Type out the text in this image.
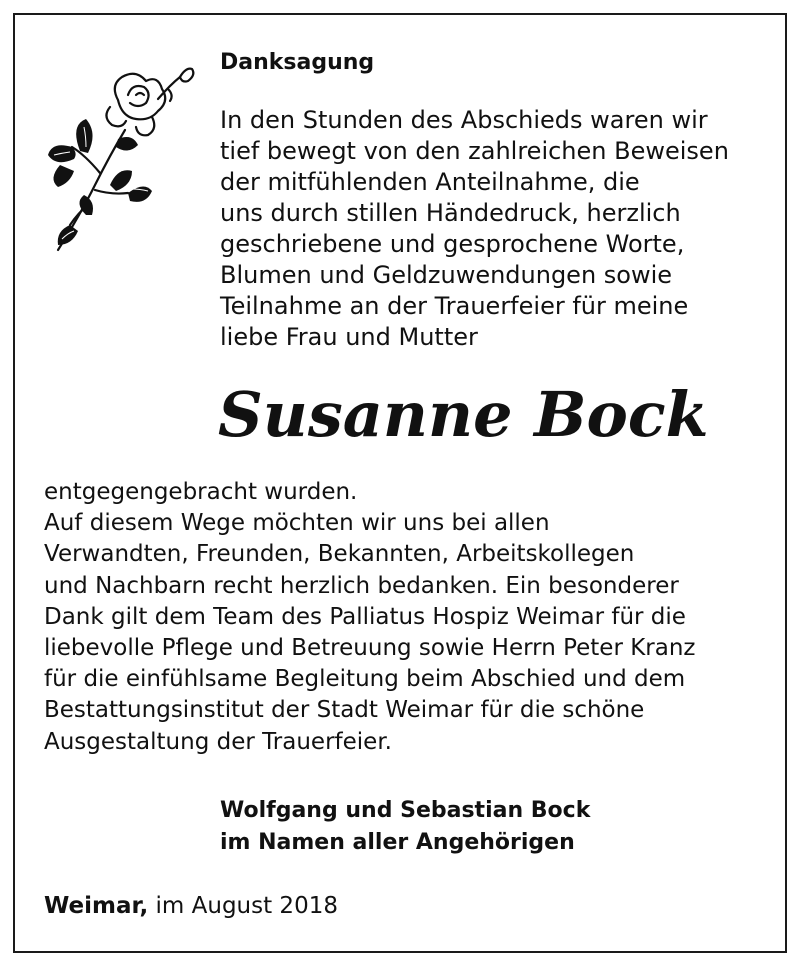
Danksagung

In den Stunden des Abschieds waren wir
tief bewegt von den zahlreichen Beweisen
der mitfühlenden Anteilnahme, die
uns durch stillen Händedruck, herzlich
geschriebene und gesprochene Worte,
Blumen und Geldzuwendungen sowie
Teilnahme an der Trauerfeier für meine
liebe Frau und Mutter

Susanne Bock

entgegengebracht wurden.
Auf diesem Wege möchten wir uns bei allen
Verwandten, Freunden, Bekannten, Arbeitskollegen
und Nachbarn recht herzlich bedanken. Ein besonderer
Dank gilt dem Team des Palliatus Hospiz Weimar für die
liebevolle Pflege und Betreuung sowie Herrn Peter Kranz
für die einfühlsame Begleitung beim Abschied und dem
Bestattungsinstitut der Stadt Weimar für die schöne
Ausgestaltung der Trauerfeier.

Wolfgang und Sebastian Bock
im Namen aller Angehörigen

Weimar, im August 2018
